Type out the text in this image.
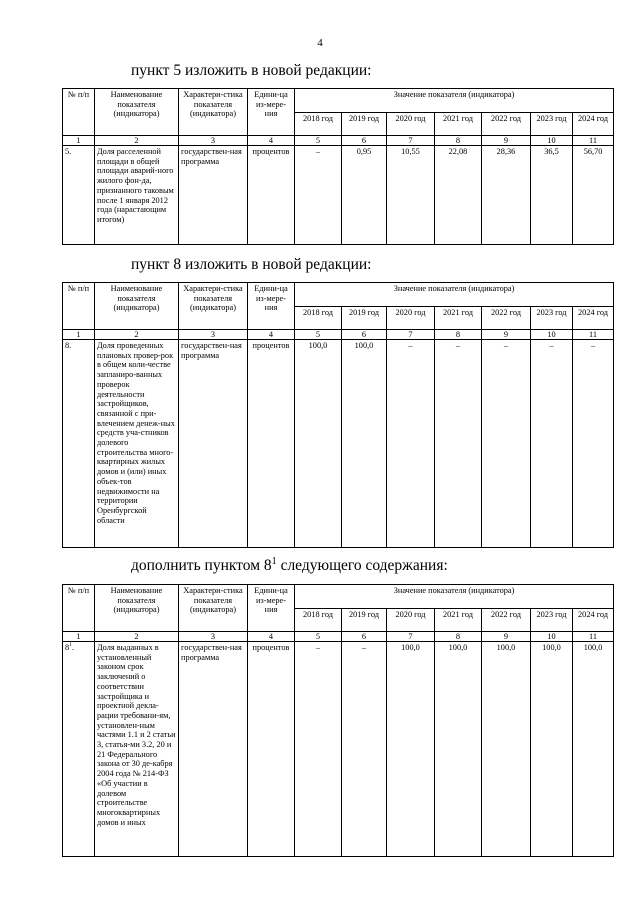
4
пункт 5 изложить в новой редакции:
№ п/п	Наименование показателя (индикатора)	Характери-стика показателя (индикатора)	Едини-ца из-мере-ния	Значение показателя (индикатора)						
				2018 год	2019 год	2020 год	2021 год	2022 год	2023 год	2024 год
1	2	3	4	5	6	7	8	9	10	11
5.	Доля расселенной площади в общей площади аварий-ного жилого фон-да, признанного таковым после 1 января 2012 года (нарастающим итогом)	государствен-ная программа	процентов	–	0,95	10,55	22,08	28,36	36,5	56,70
пункт 8 изложить в новой редакции:
№ п/п	Наименование показателя (индикатора)	Характери-стика показателя (индикатора)	Едини-ца из-мере-ния	Значение показателя (индикатора)						
				2018 год	2019 год	2020 год	2021 год	2022 год	2023 год	2024 год
1	2	3	4	5	6	7	8	9	10	11
8.	Доля проведенных плановых провер-рок в общем коли-честве запланиро-ванных проверок деятельности застройщиков, связанной с при-влечением денеж-ных средств уча-стников долевого строительства много-квартирных жилых домов и (или) иных объек-тов недвижимости на территории Оренбургской области	государствен-ная программа	процентов	100,0	100,0	–	–	–	–	–
дополнить пунктом $8^1$ следующего содержания:
№ п/п	Наименование показателя (индикатора)	Характери-стика показателя (индикатора)	Едини-ца из-мере-ния	Значение показателя (индикатора)						
				2018 год	2019 год	2020 год	2021 год	2022 год	2023 год	2024 год
1	2	3	4	5	6	7	8	9	10	11
$8^1$.	Доля выданных в установленный законом срок заключений о соответствии застройщика и проектной декла-рации требовани-ям, установлен-ным частями 1.1 и 2 статьи 3, статья-ми 3.2, 20 и 21 Федерального закона от 30 де-кабря 2004 года № 214-ФЗ «Об участии в долевом строительстве многоквартирных домов и иных	государствен-ная программа	процентов	–	–	100,0	100,0	100,0	100,0	100,0
